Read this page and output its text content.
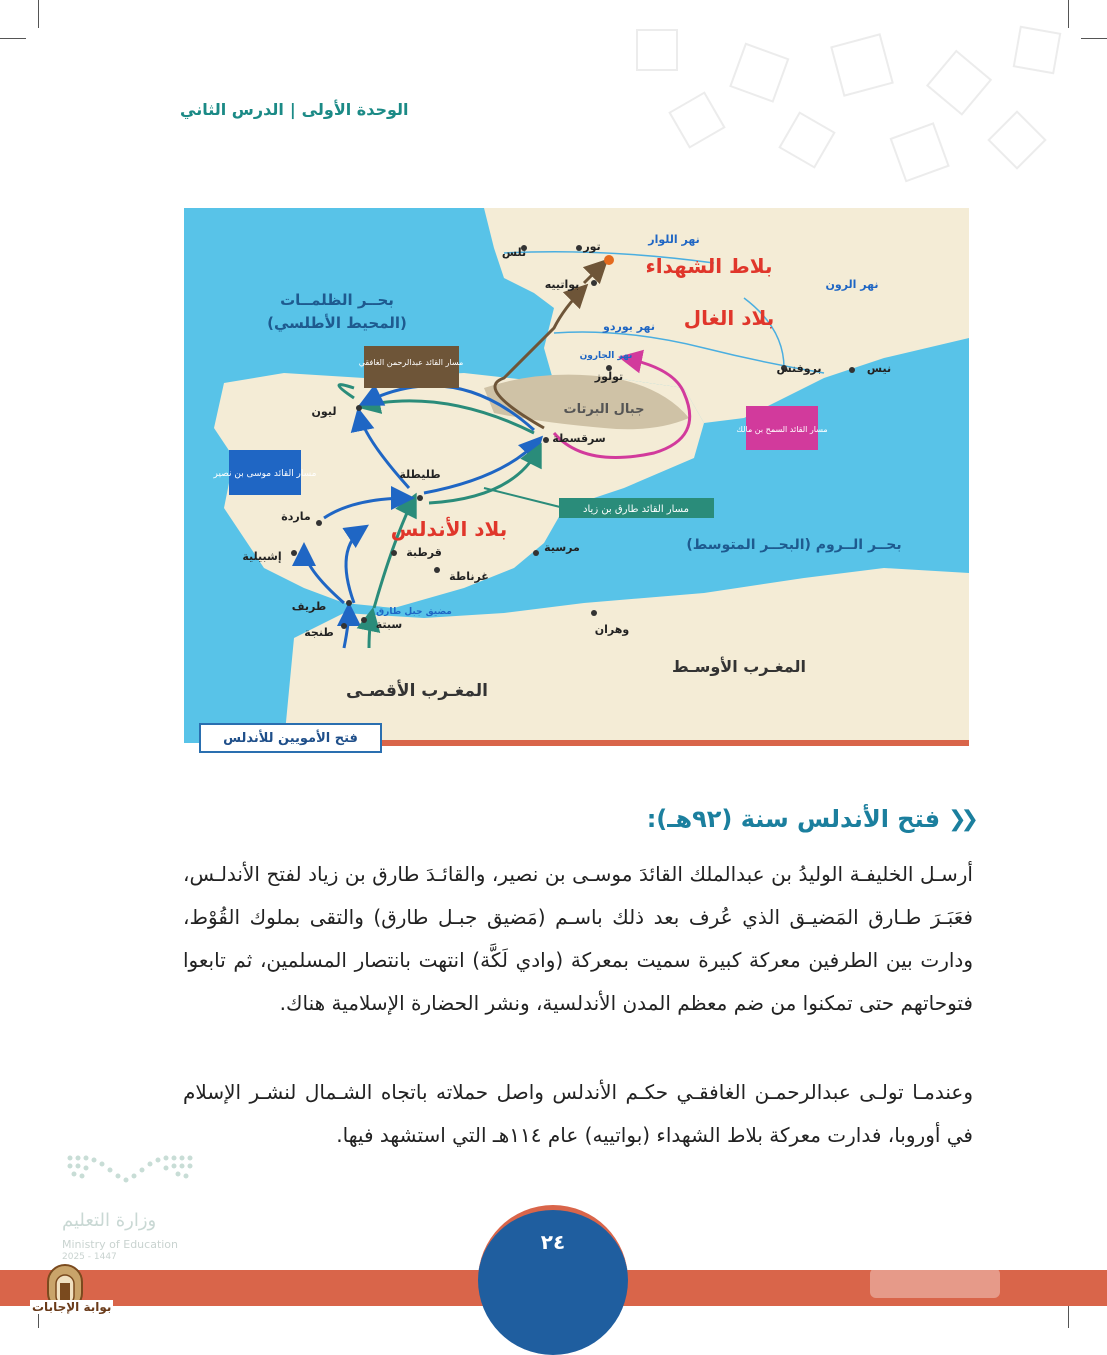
الوحدة الأولى|الدرس الثاني
نهر اللوار
تور
نلس
بواتييه	نهر الرون
نهر بوردو
نهر الجارون
تولوز
بروفنس	نيس
ليون
سرقسطة
طليطلة
ماردة
قرطبة
إشبيلية
غرناطة
مرسية
طريف	مضيق جبل طارق
سبتة
طنجة	وهران
بلاط الشهداء
بلاد الغال
بلاد الأندلس
بحــر الظلمــات
(المحيط الأطلسي)
جبال البرتات
بحــر الــروم (البحــر المتوسط)
المغـرب الأوسـط
المغـرب الأقصـى
مسار القائد عبدالرحمن الغافقي
مسار القائد موسى بن نصير
مسار القائد طارق بن زياد
مسار القائد السمح بن مالك
فتح الأمويين للأندلس
❮❮
فتح الأندلس سنة (٩٢هـ):
أرسـل الخليفـة الوليدُ بن عبدالملك القائدَ موسـى بن نصير، والقائـدَ طارق بن زياد لفتح الأندلـس، فعَبَـرَ طـارق المَضيـق الذي عُرف بعد ذلك باسـم (مَضيق جبـل طارق) والتقى بملوك القُوْط، ودارت بين الطرفين معركة كبيرة سميت بمعركة (وادي لَكَّة) انتهت بانتصار المسلمين، ثم تابعوا فتوحاتهم حتى تمكنوا من ضم معظم المدن الأندلسية، ونشر الحضارة الإسلامية هناك.
وعندمـا تولـى عبدالرحمـن الغافقـي حكـم الأندلس واصل حملاته باتجاه الشـمال لنشـر الإسلام في أوروبا، فدارت معركة بلاط الشهداء (بواتييه) عام ١١٤هـ التي استشهد فيها.
وزارة التعليم
Ministry of Education
2025 - 1447
٢٤
بوابة الإجابات
